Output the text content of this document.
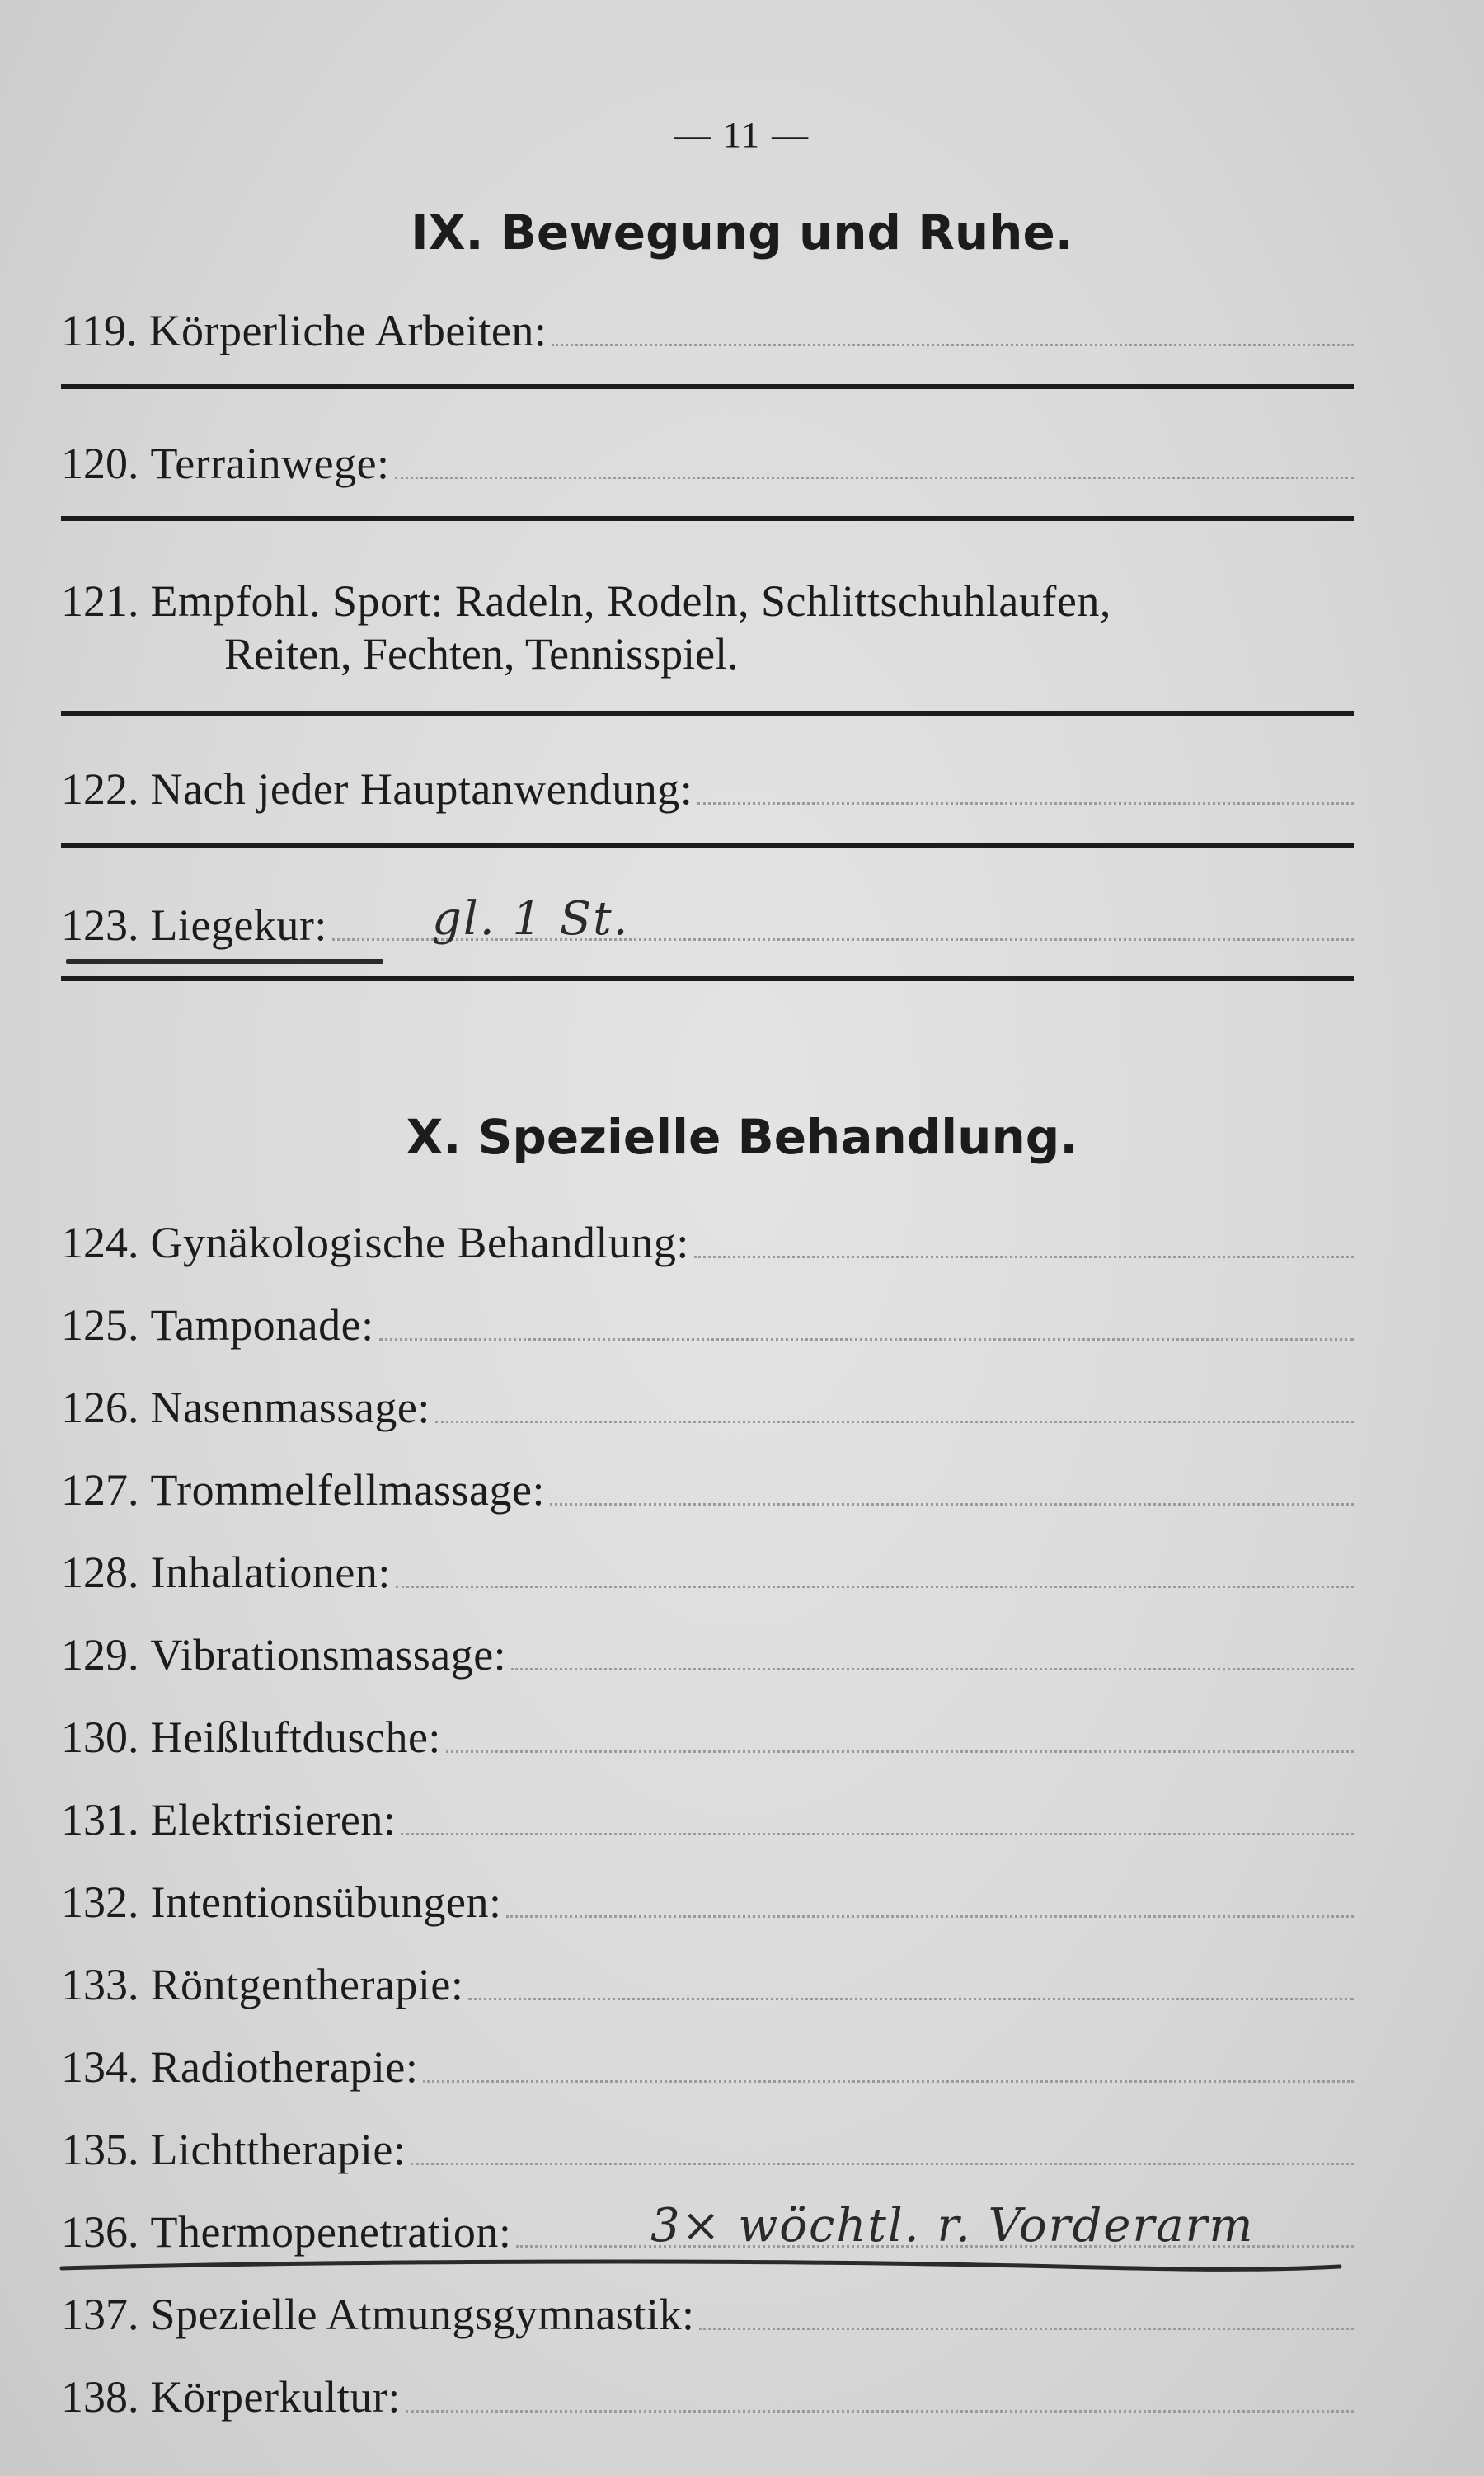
— 11 —
IX. Bewegung und Ruhe.
119. Körperliche Arbeiten:
120. Terrainwege:
121. Empfohl. Sport: Radeln, Rodeln, Schlittschuhlaufen,
Reiten, Fechten, Tennisspiel.
122. Nach jeder Hauptanwendung:
123. Liegekur: gl. 1 St.
X. Spezielle Behandlung.
124. Gynäkologische Behandlung:
125. Tamponade:
126. Nasenmassage:
127. Trommelfellmassage:
128. Inhalationen:
129. Vibrationsmassage:
130. Heißluftdusche:
131. Elektrisieren:
132. Intentionsübungen:
133. Röntgentherapie:
134. Radiotherapie:
135. Lichttherapie:
136. Thermopenetration:	3× wöchtl. r. Vorderarm
137. Spezielle Atmungsgymnastik:
138. Körperkultur:
